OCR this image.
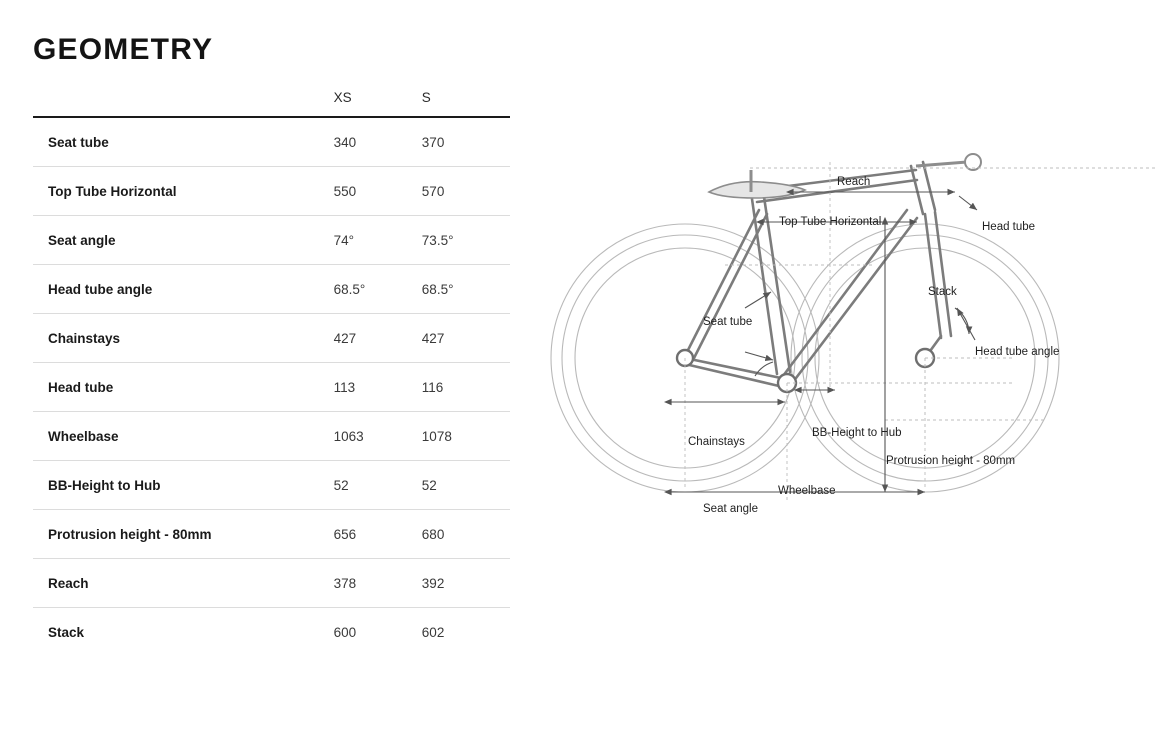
GEOMETRY
	XS	S
Seat tube	340	370
Top Tube Horizontal	550	570
Seat angle	74°	73.5°
Head tube angle	68.5°	68.5°
Chainstays	427	427
Head tube	113	116
Wheelbase	1063	1078
BB-Height to Hub	52	52
Protrusion height - 80mm	656	680
Reach	378	392
Stack	600	602
Reach
Top Tube Horizontal	Head tube
Stack
Seat tube
Seat angle
Head tube angle
Chainstays
BB-Height to Hub
Protrusion height - 80mm
Wheelbase
